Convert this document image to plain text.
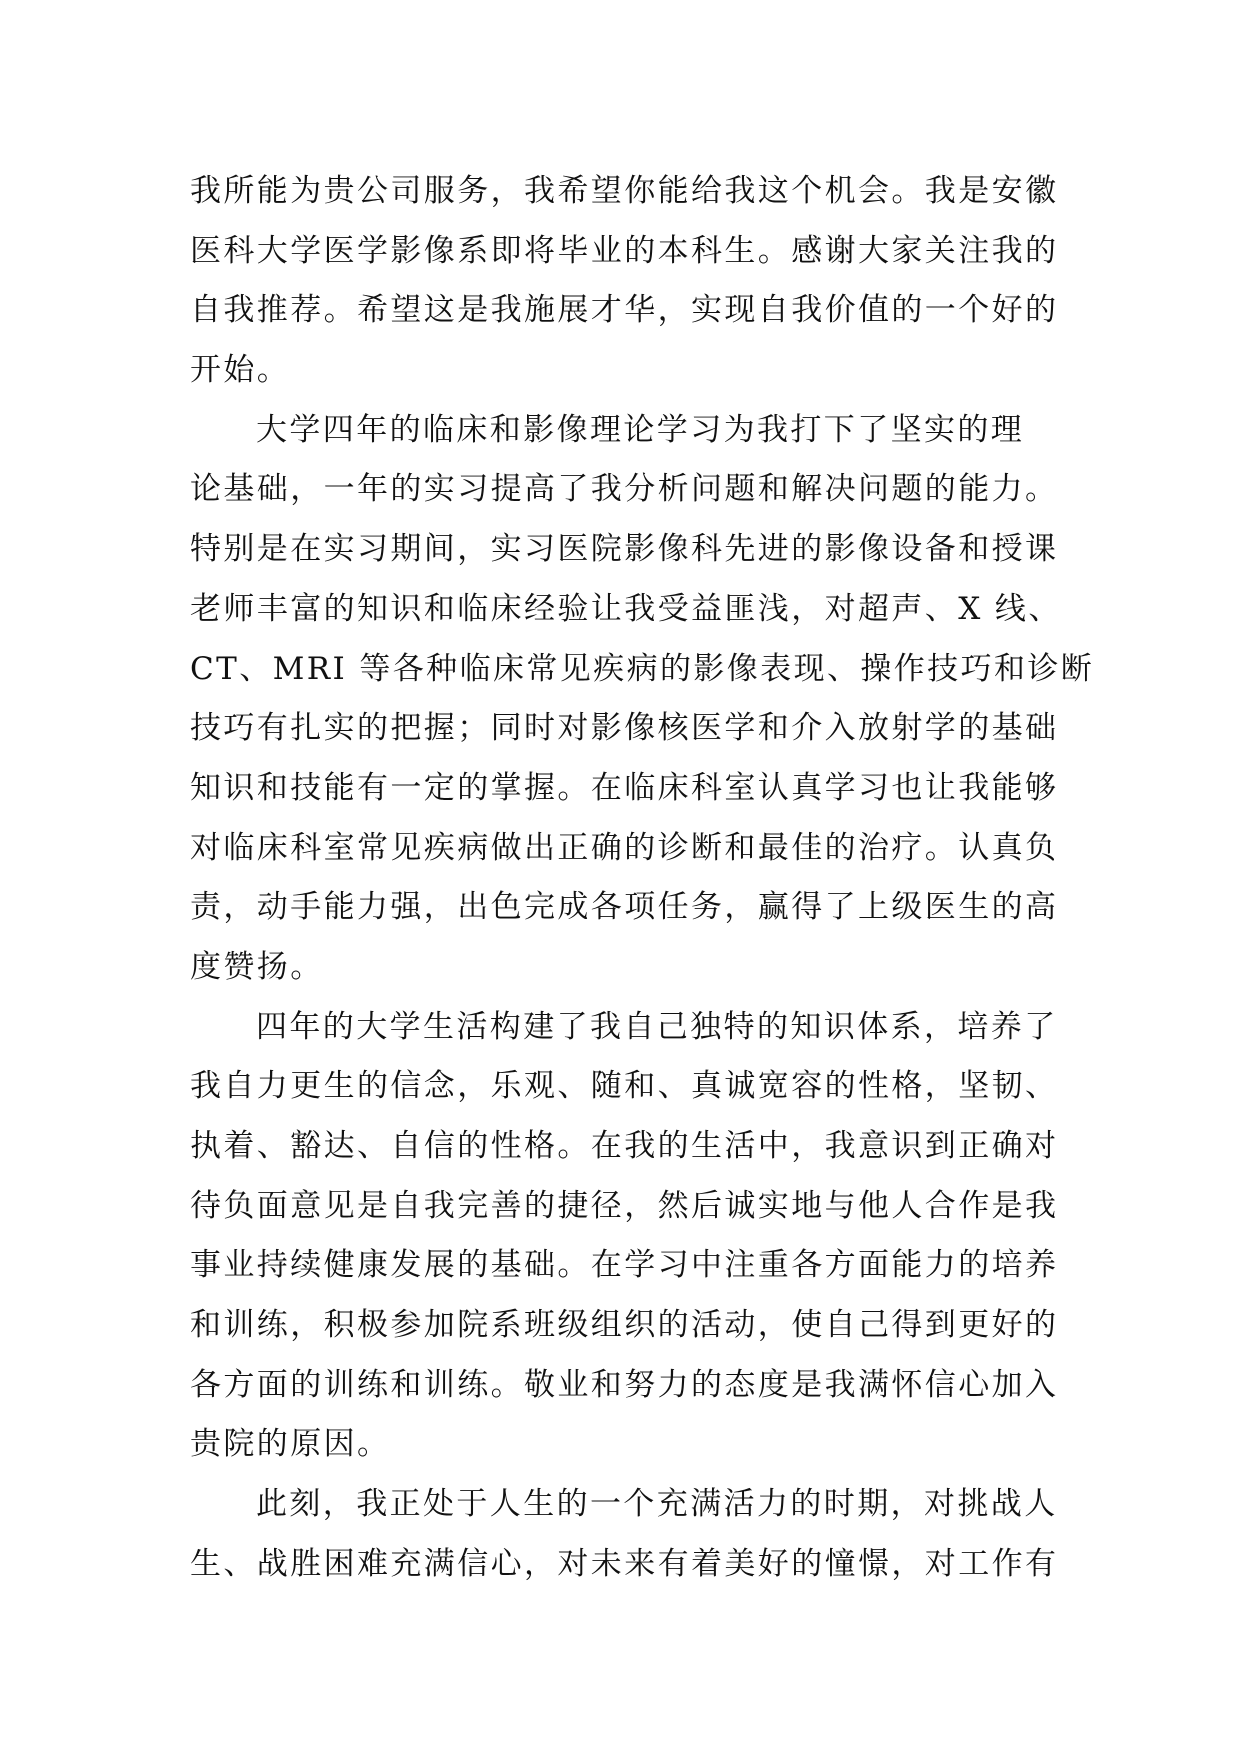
我所能为贵公司服务，我希望你能给我这个机会。我是安徽
医科大学医学影像系即将毕业的本科生。感谢大家关注我的
自我推荐。希望这是我施展才华，实现自我价值的一个好的
开始。
大学四年的临床和影像理论学习为我打下了坚实的理
论基础，一年的实习提高了我分析问题和解决问题的能力。
特别是在实习期间，实习医院影像科先进的影像设备和授课
老师丰富的知识和临床经验让我受益匪浅，对超声、X 线、
CT、MRI 等各种临床常见疾病的影像表现、操作技巧和诊断
技巧有扎实的把握；同时对影像核医学和介入放射学的基础
知识和技能有一定的掌握。在临床科室认真学习也让我能够
对临床科室常见疾病做出正确的诊断和最佳的治疗。认真负
责，动手能力强，出色完成各项任务，赢得了上级医生的高
度赞扬。
四年的大学生活构建了我自己独特的知识体系，培养了
我自力更生的信念，乐观、随和、真诚宽容的性格，坚韧、
执着、豁达、自信的性格。在我的生活中，我意识到正确对
待负面意见是自我完善的捷径，然后诚实地与他人合作是我
事业持续健康发展的基础。在学习中注重各方面能力的培养
和训练，积极参加院系班级组织的活动，使自己得到更好的
各方面的训练和训练。敬业和努力的态度是我满怀信心加入
贵院的原因。
此刻，我正处于人生的一个充满活力的时期，对挑战人
生、战胜困难充满信心，对未来有着美好的憧憬，对工作有
